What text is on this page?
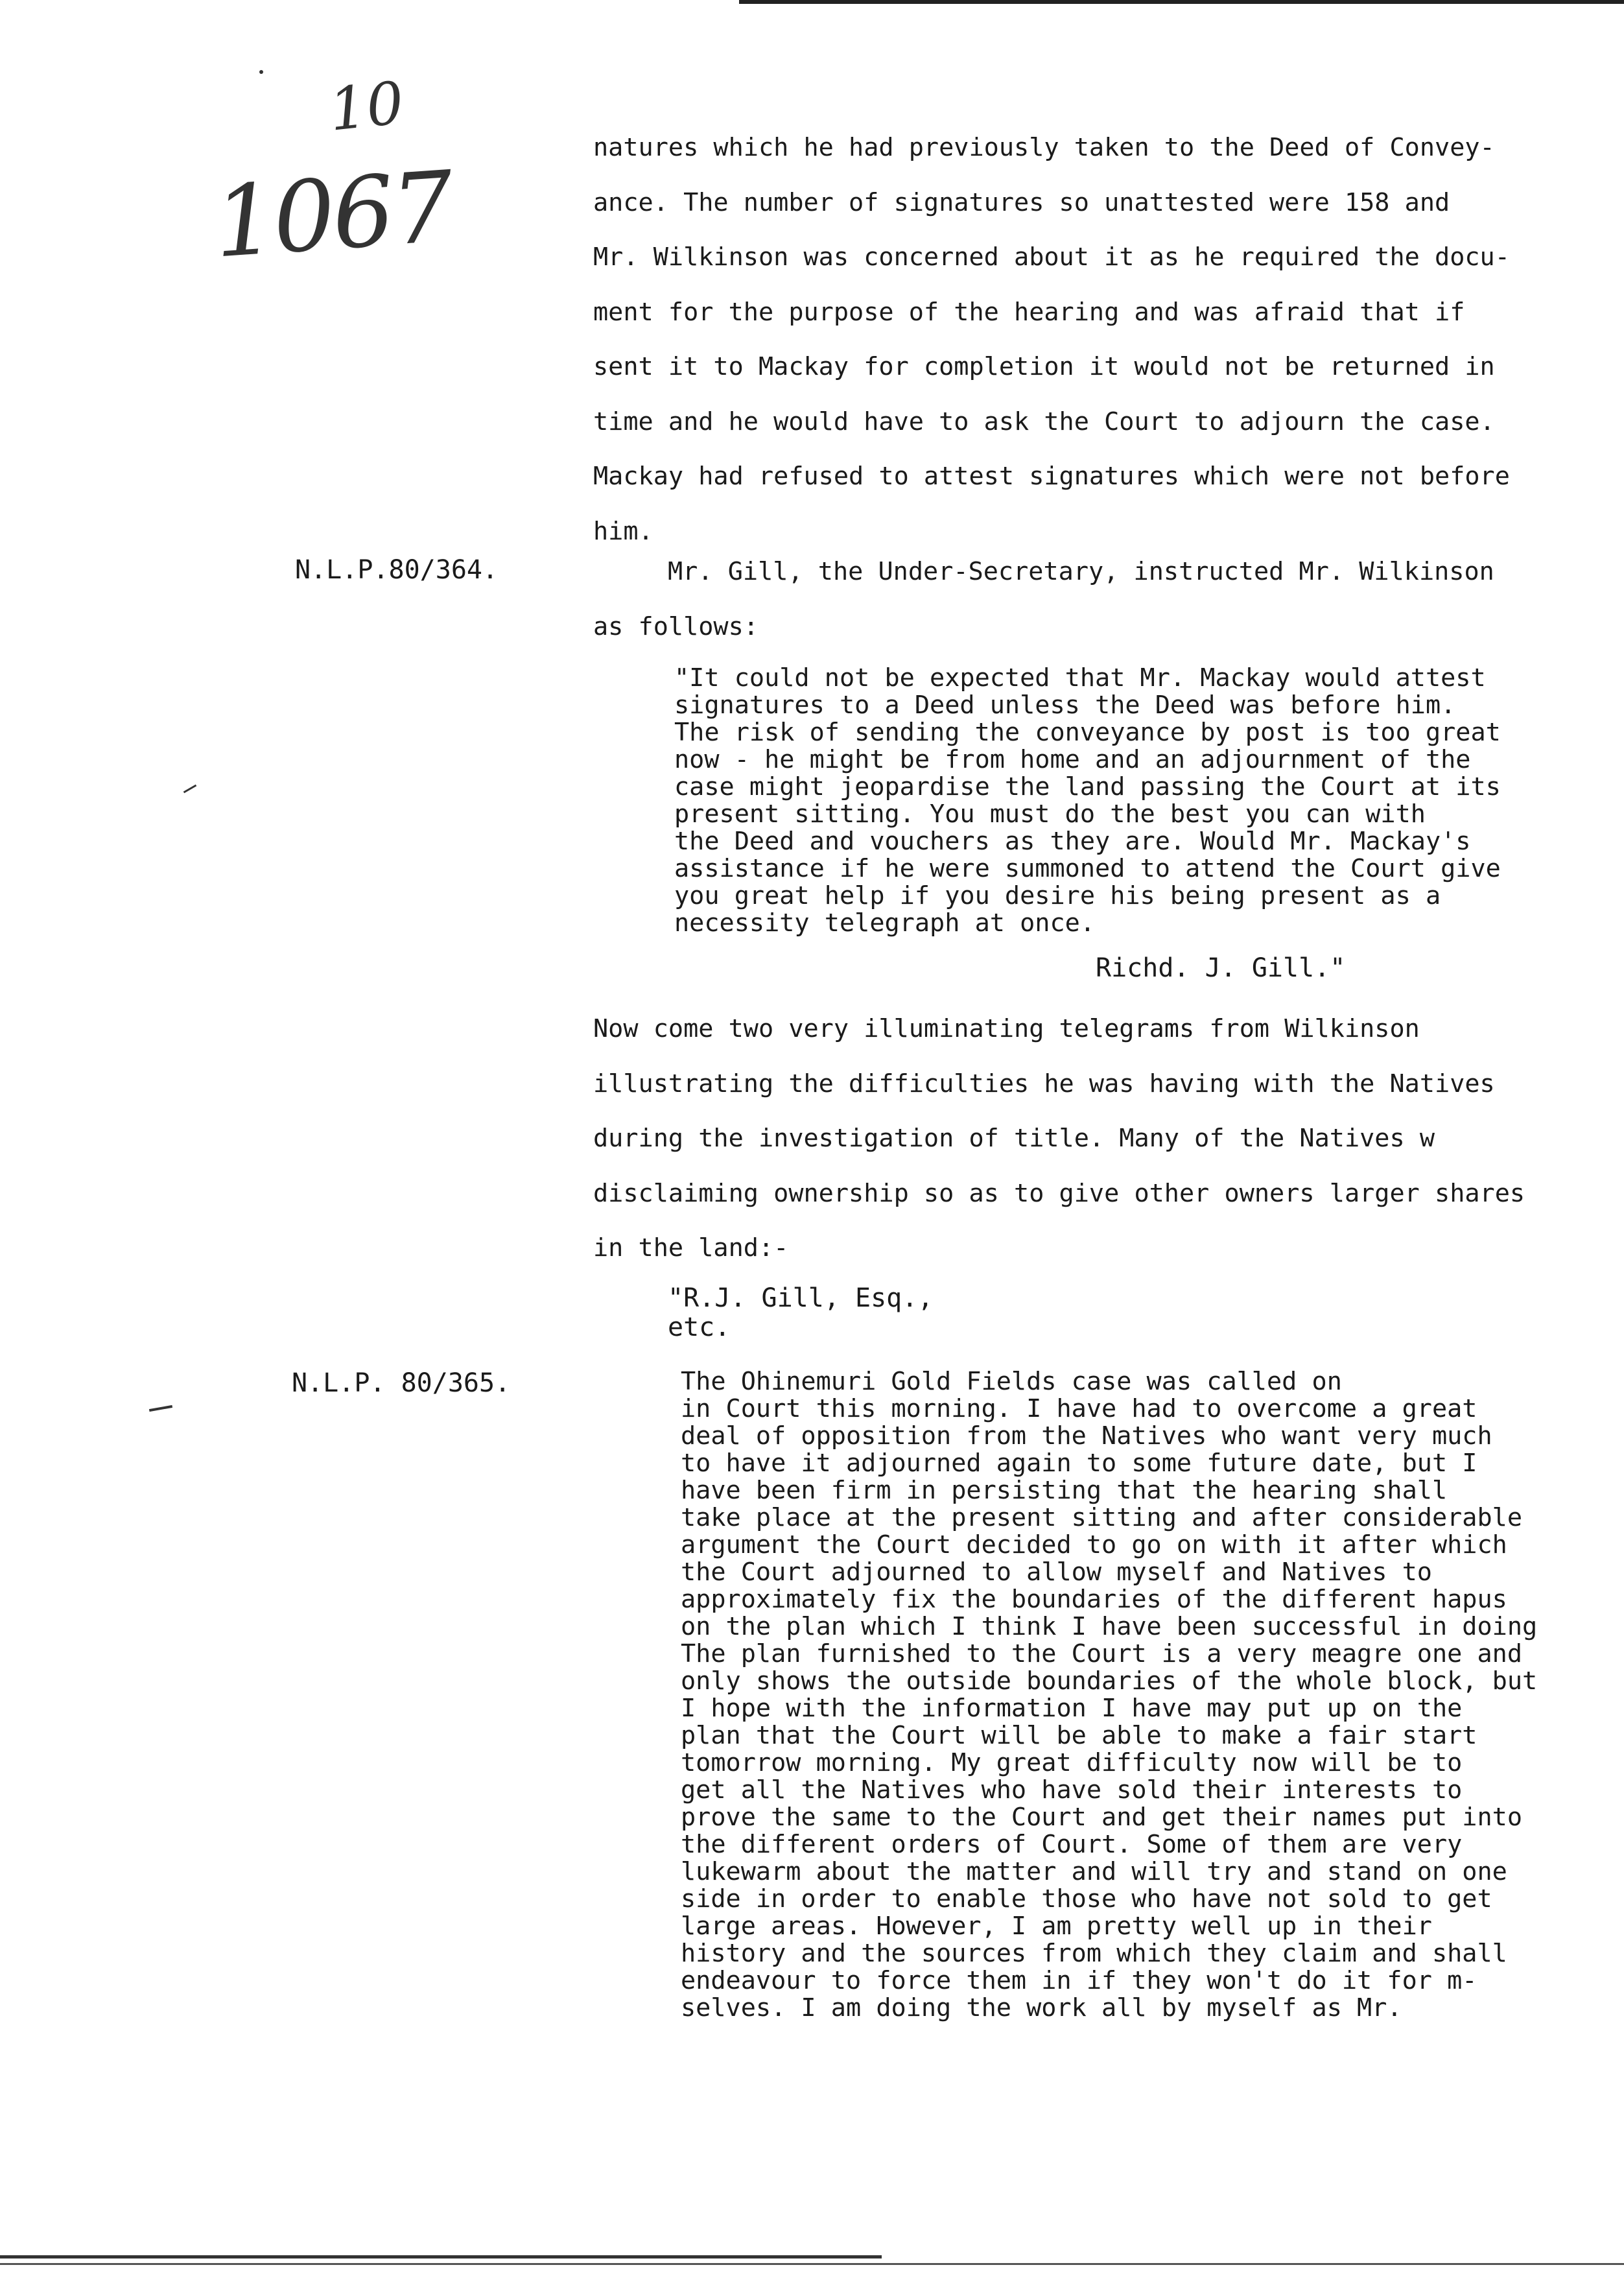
1067
10
natures which he had previously taken to the Deed of Convey-
ance. The number of signatures so unattested were 158 and
Mr. Wilkinson was concerned about it as he required the docu-
ment for the purpose of the hearing and was afraid that if
sent it to Mackay for completion it would not be returned in
time and he would have to ask the Court to adjourn the case.
Mackay had refused to attest signatures which were not before
him.
N.L.P.80/364.	Mr. Gill, the Under-Secretary, instructed Mr. Wilkinson
as follows:
"It could not be expected that Mr. Mackay would attest
signatures to a Deed unless the Deed was before him.
The risk of sending the conveyance by post is too great
now - he might be from home and an adjournment of the
case might jeopardise the land passing the Court at its
present sitting. You must do the best you can with
the Deed and vouchers as they are. Would Mr. Mackay's
assistance if he were summoned to attend the Court give
you great help if you desire his being present as a
necessity telegraph at once.
Richd. J. Gill."
Now come two very illuminating telegrams from Wilkinson
illustrating the difficulties he was having with the Natives
during the investigation of title. Many of the Natives w
disclaiming ownership so as to give other owners larger shares
in the land:-
"R.J. Gill, Esq.,
etc.
N.L.P. 80/365.	The Ohinemuri Gold Fields case was called on
in Court this morning. I have had to overcome a great
deal of opposition from the Natives who want very much
to have it adjourned again to some future date, but I
have been firm in persisting that the hearing shall
take place at the present sitting and after considerable
argument the Court decided to go on with it after which
the Court adjourned to allow myself and Natives to
approximately fix the boundaries of the different hapus
on the plan which I think I have been successful in doing
The plan furnished to the Court is a very meagre one and
only shows the outside boundaries of the whole block, but
I hope with the information I have may put up on the
plan that the Court will be able to make a fair start
tomorrow morning. My great difficulty now will be to
get all the Natives who have sold their interests to
prove the same to the Court and get their names put into
the different orders of Court. Some of them are very
lukewarm about the matter and will try and stand on one
side in order to enable those who have not sold to get
large areas. However, I am pretty well up in their
history and the sources from which they claim and shall
endeavour to force them in if they won't do it for m-
selves. I am doing the work all by myself as Mr.
